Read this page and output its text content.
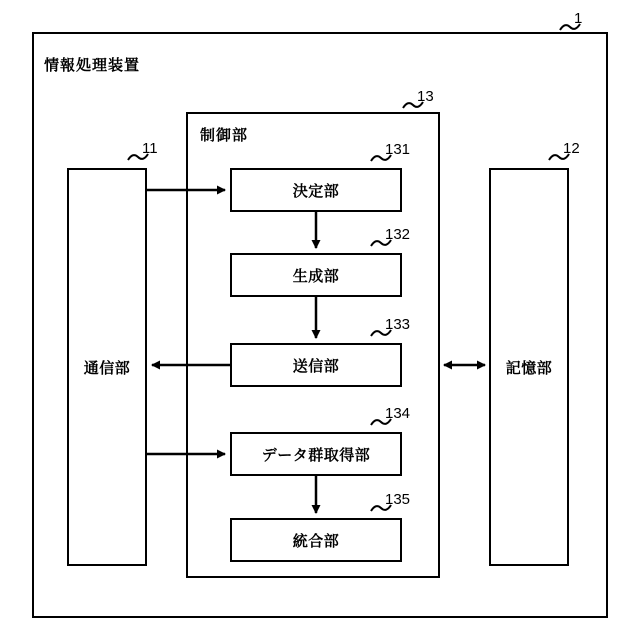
1
情報処理装置
通信部
11
記憶部
12
制御部
13
決定部
131
生成部
132
送信部
133
データ群取得部
134
統合部
135
